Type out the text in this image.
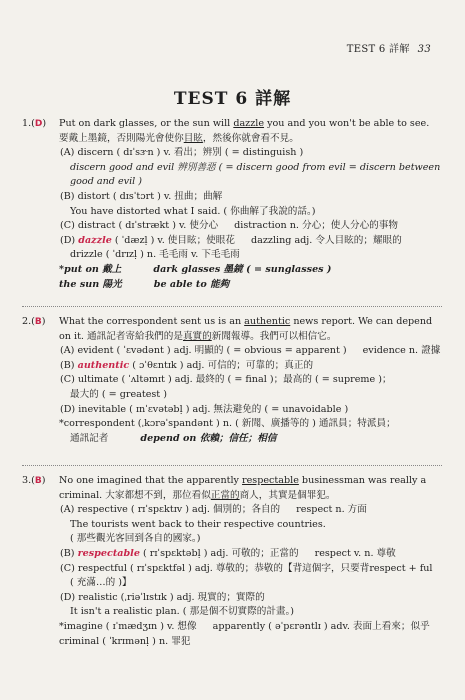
TEST 6 詳解 33
TEST 6 詳解
1.(D) Put on dark glasses, or the sun will dazzle you and you won't be able to see.
要戴上墨鏡，否則陽光會使你目眩，然後你就會看不見。
(A) discern ( dɪˈsɝn ) v. 看出；辨別 ( = distinguish )
discern good and evil 辨別善惡 ( = discern good from evil = discern between
good and evil )
(B) distort ( dɪsˈtɔrt ) v. 扭曲；曲解
You have distorted what I said. ( 你曲解了我說的話。)
(C) distract ( dɪˈstrækt ) v. 使分心 distraction n. 分心；使人分心的事物
(D) dazzle ( ˈdæzḷ ) v. 使目眩；使眼花 dazzling adj. 令人目眩的；耀眼的
drizzle ( ˈdrɪzḷ ) n. 毛毛雨 v. 下毛毛雨
*put on 戴上	dark glasses 墨鏡 ( = sunglasses )
the sun 陽光	be able to 能夠
2.(B) What the correspondent sent us is an authentic news report. We can depend
on it. 通訊記者寄給我們的是真實的新聞報導。我們可以相信它。
(A) evident ( ˈɛvədənt ) adj. 明顯的 ( = obvious = apparent ) evidence n. 證據
(B) authentic ( ɔˈθɛntɪk ) adj. 可信的；可靠的；真正的
(C) ultimate ( ˈʌltəmɪt ) adj. 最終的 ( = final )；最高的 ( = supreme )；
最大的 ( = greatest )
(D) inevitable ( ɪnˈɛvətəbḷ ) adj. 無法避免的 ( = unavoidable )
*correspondent (ˌkɔrəˈspandənt ) n. ( 新聞、廣播等的 ) 通訊員；特派員；
通訊記者	depend on 依賴；信任；相信
3.(B) No one imagined that the apparently respectable businessman was really a
criminal. 大家都想不到，那位看似正當的商人，其實是個罪犯。
(A) respective ( rɪˈspɛktɪv ) adj. 個別的；各自的 respect n. 方面
The tourists went back to their respective countries.
( 那些觀光客回到各自的國家。)
(B) respectable ( rɪˈspɛktəbḷ ) adj. 可敬的；正當的 respect v. n. 尊敬
(C) respectful ( rɪˈspɛktfəl ) adj. 尊敬的；恭敬的【背這個字，只要背respect + ful
( 充滿…的 )】
(D) realistic (ˌriəˈlɪstɪk ) adj. 現實的；實際的
It isn't a realistic plan. ( 那是個不切實際的計畫。)
*imagine ( ɪˈmædʒɪn ) v. 想像 apparently ( əˈpɛrəntlɪ ) adv. 表面上看來；似乎
criminal ( ˈkrɪmənḷ ) n. 罪犯
